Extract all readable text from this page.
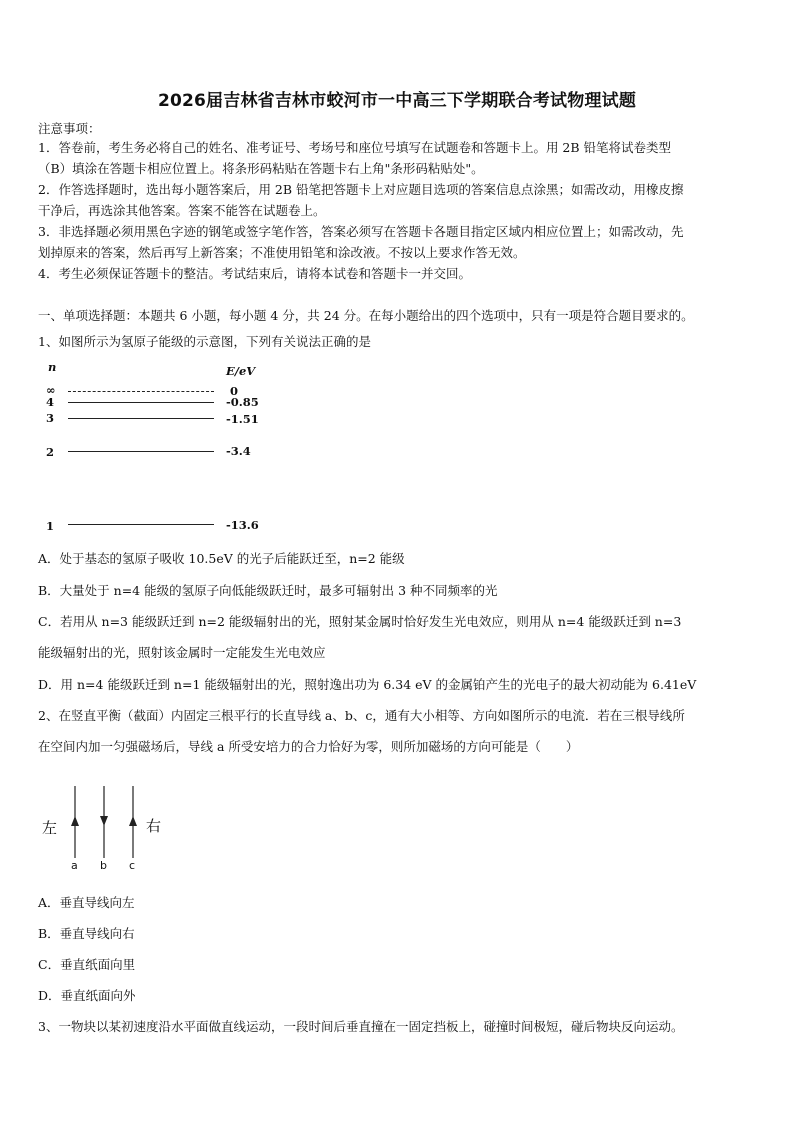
2026届吉林省吉林市蛟河市一中高三下学期联合考试物理试题
注意事项：
1．答卷前，考生务必将自己的姓名、准考证号、考场号和座位号填写在试题卷和答题卡上。用 2B 铅笔将试卷类型
（B）填涂在答题卡相应位置上。将条形码粘贴在答题卡右上角"条形码粘贴处"。
2．作答选择题时，选出每小题答案后，用 2B 铅笔把答题卡上对应题目选项的答案信息点涂黑；如需改动，用橡皮擦
干净后，再选涂其他答案。答案不能答在试题卷上。
3．非选择题必须用黑色字迹的钢笔或签字笔作答，答案必须写在答题卡各题目指定区域内相应位置上；如需改动，先
划掉原来的答案，然后再写上新答案；不准使用铅笔和涂改液。不按以上要求作答无效。
4．考生必须保证答题卡的整洁。考试结束后，请将本试卷和答题卡一并交回。
一、单项选择题：本题共 6 小题，每小题 4 分，共 24 分。在每小题给出的四个选项中，只有一项是符合题目要求的。
1、如图所示为氢原子能级的示意图，下列有关说法正确的是
n	E/eV
∞	0
4	-0.85
3	-1.51
2	-3.4
1	-13.6
A．处于基态的氢原子吸收 10.5eV 的光子后能跃迁至，n=2 能级
B．大量处于 n=4 能级的氢原子向低能级跃迁时，最多可辐射出 3 种不同频率的光
C．若用从 n=3 能级跃迁到 n=2 能级辐射出的光，照射某金属时恰好发生光电效应，则用从 n=4 能级跃迁到 n=3
能级辐射出的光，照射该金属时一定能发生光电效应
D．用 n=4 能级跃迁到 n=1 能级辐射出的光，照射逸出功为 6.34 eV 的金属铂产生的光电子的最大初动能为 6.41eV
2、在竖直平衡（截面）内固定三根平行的长直导线 a、b、c，通有大小相等、方向如图所示的电流．若在三根导线所
在空间内加一匀强磁场后，导线 a 所受安培力的合力恰好为零，则所加磁场的方向可能是（　　）
左	右
a b c
A．垂直导线向左
B．垂直导线向右
C．垂直纸面向里
D．垂直纸面向外
3、一物块以某初速度沿水平面做直线运动，一段时间后垂直撞在一固定挡板上，碰撞时间极短，碰后物块反向运动。
